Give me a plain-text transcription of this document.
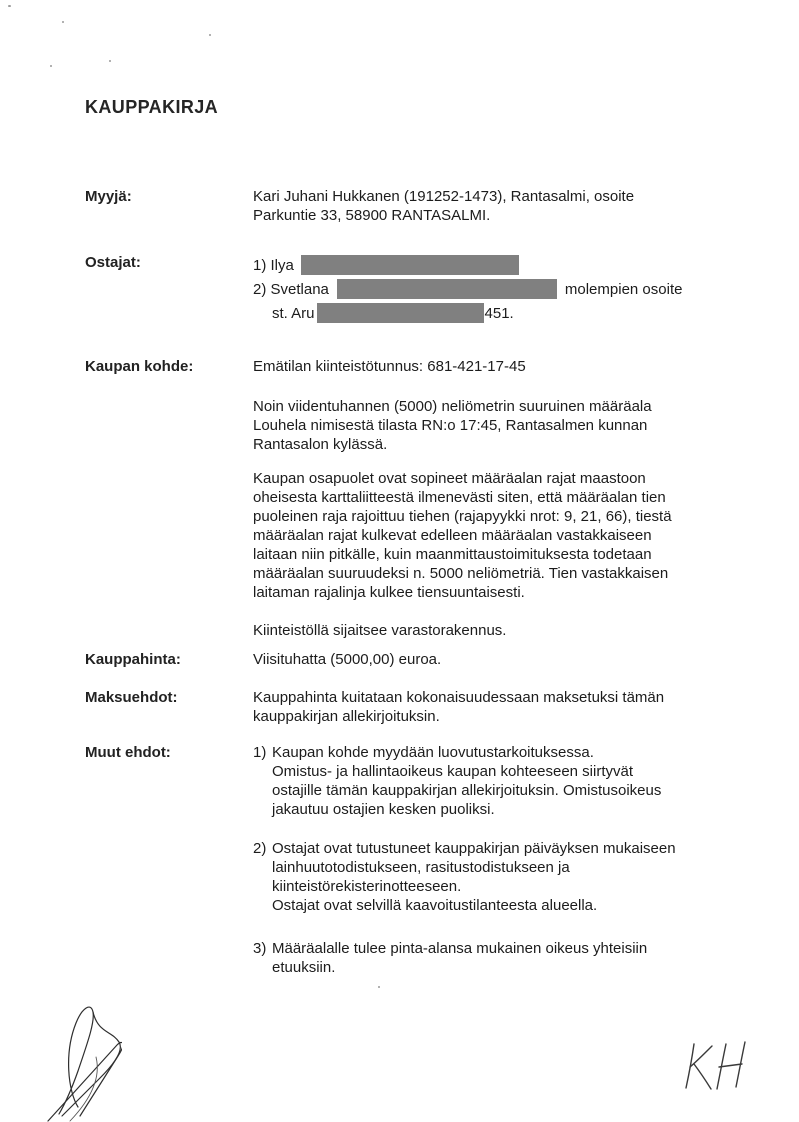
KAUPPAKIRJA
Myyjä:	Kari Juhani Hukkanen (191252-1473), Rantasalmi, osoite
Parkuntie 33, 58900 RANTASALMI.
Ostajat:	1) Ilya
2) Svetlana	molempien osoite
st. Aru	451.
Kaupan kohde:	Emätilan kiinteistötunnus: 681-421-17-45

Noin viidentuhannen (5000) neliömetrin suuruinen määräala
Louhela nimisestä tilasta RN:o 17:45, Rantasalmen kunnan
Rantasalon kylässä.
Kaupan osapuolet ovat sopineet määräalan rajat maastoon
oheisesta karttaliitteestä ilmenevästi siten, että määräalan tien
puoleinen raja rajoittuu tiehen (rajapyykki nrot: 9, 21, 66), tiestä
määräalan rajat kulkevat edelleen määräalan vastakkaiseen
laitaan niin pitkälle, kuin maanmittaustoimituksesta todetaan
määräalan suuruudeksi n. 5000 neliömetriä. Tien vastakkaisen
laitaman rajalinja kulkee tiensuuntaisesti.

Kiinteistöllä sijaitsee varastorakennus.

Kauppahinta:	Viisituhatta (5000,00) euroa.
Maksuehdot:	Kauppahinta kuitataan kokonaisuudessaan maksetuksi tämän
kauppakirjan allekirjoituksin.
Muut ehdot:	1) Kaupan kohde myydään luovutustarkoituksessa.
Omistus- ja hallintaoikeus kaupan kohteeseen siirtyvät
ostajille tämän kauppakirjan allekirjoituksin. Omistusoikeus
jakautuu ostajien kesken puoliksi.
2) Ostajat ovat tutustuneet kauppakirjan päiväyksen mukaiseen
lainhuutotodistukseen, rasitustodistukseen ja
kiinteistörekisterinotteeseen.
Ostajat ovat selvillä kaavoitustilanteesta alueella.
3) Määräalalle tulee pinta-alansa mukainen oikeus yhteisiin
etuuksiin.
